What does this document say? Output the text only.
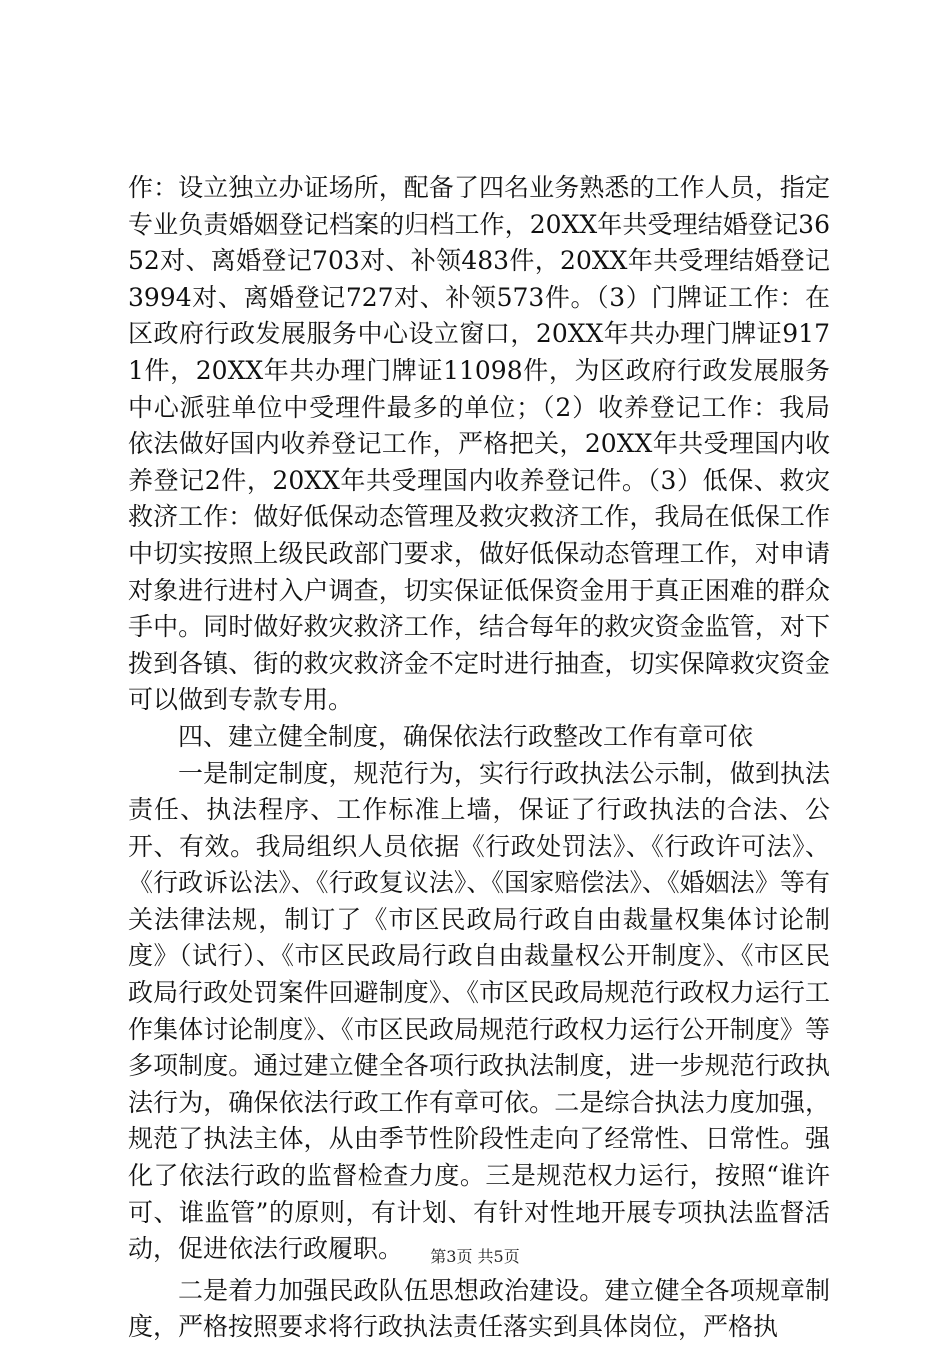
作：设立独立办证场所，配备了四名业务熟悉的工作人员，指定专业负责婚姻登记档案的归档工作，20XX年共受理结婚登记3652对、离婚登记703对、补领483件，20XX年共受理结婚登记3994对、离婚登记727对、补领573件。（3）门牌证工作：在区政府行政发展服务中心设立窗口，20XX年共办理门牌证9171件，20XX年共办理门牌证11098件，为区政府行政发展服务中心派驻单位中受理件最多的单位；（2）收养登记工作：我局依法做好国内收养登记工作，严格把关，20XX年共受理国内收养登记2件，20XX年共受理国内收养登记件。（3）低保、救灾救济工作：做好低保动态管理及救灾救济工作，我局在低保工作中切实按照上级民政部门要求，做好低保动态管理工作，对申请对象进行进村入户调查，切实保证低保资金用于真正困难的群众手中。同时做好救灾救济工作，结合每年的救灾资金监管，对下拨到各镇、街的救灾救济金不定时进行抽查，切实保障救灾资金可以做到专款专用。

四、建立健全制度，确保依法行政整改工作有章可依

一是制定制度，规范行为，实行行政执法公示制，做到执法责任、执法程序、工作标准上墙，保证了行政执法的合法、公开、有效。我局组织人员依据《行政处罚法》、《行政许可法》、《行政诉讼法》、《行政复议法》、《国家赔偿法》、《婚姻法》等有关法律法规，制订了《市区民政局行政自由裁量权集体讨论制度》（试行）、《市区民政局行政自由裁量权公开制度》、《市区民政局行政处罚案件回避制度》、《市区民政局规范行政权力运行工作集体讨论制度》、《市区民政局规范行政权力运行公开制度》等多项制度。通过建立健全各项行政执法制度，进一步规范行政执法行为，确保依法行政工作有章可依。二是综合执法力度加强，规范了执法主体，从由季节性阶段性走向了经常性、日常性。强化了依法行政的监督检查力度。三是规范权力运行，按照“谁许可、谁监管”的原则，有计划、有针对性地开展专项执法监督活动，促进依法行政履职。

二是着力加强民政队伍思想政治建设。建立健全各项规章制度，严格按照要求将行政执法责任落实到具体岗位，严格执

第3页 共5页
